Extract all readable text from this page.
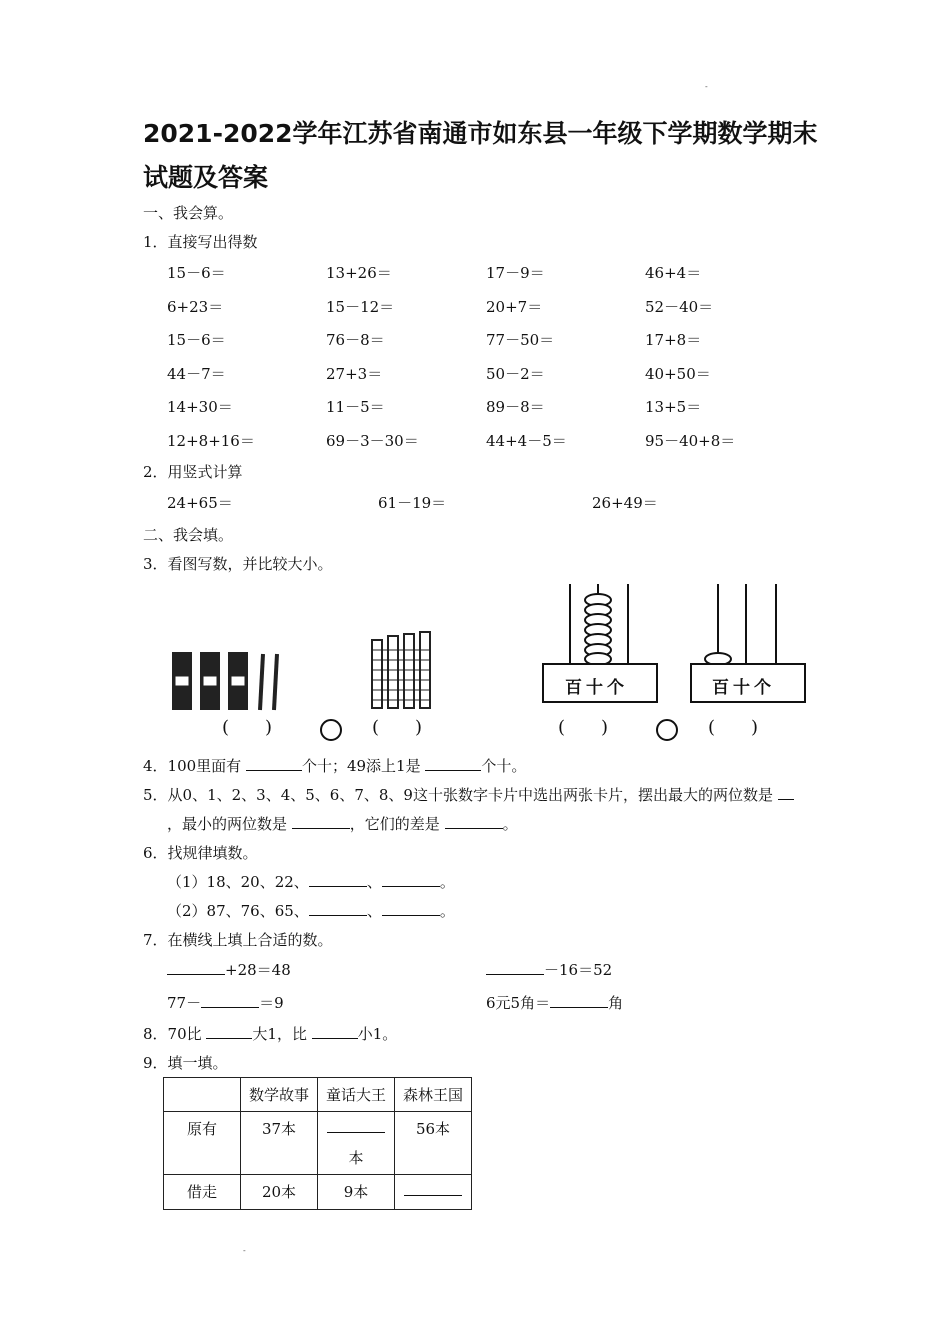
-
2021-2022学年江苏省南通市如东县一年级下学期数学期末试题及答案
一、我会算。
1．直接写出得数
15－6＝	13+26＝	17－9＝	46+4＝
6+23＝	15－12＝	20+7＝	52－40＝
15－6＝	76－8＝	77－50＝	17+8＝
44－7＝	27+3＝	50－2＝	40+50＝
14+30＝	11－5＝	89－8＝	13+5＝
12+8+16＝	69－3－30＝	44+4－5＝	95－40+8＝
2．用竖式计算
24+65＝	61－19＝	26+49＝
二、我会填。
3．看图写数，并比较大小。
(　　)	(　　)
百十个	百十个
(　　)	(　　)
4．100里面有	个十；49添上1是	个十。
5．从0、1、2、3、4、5、6、7、8、9这十张数字卡片中选出两张卡片，摆出最大的两位数是
，最小的两位数是	，它们的差是	。
6．找规律填数。
（1）18、20、22、	、	。
（2）87、76、65、	、	。
7．在横线上填上合适的数。
+28＝48	－16＝52
77－	＝9	6元5角＝	角
8．70比	大1，比	小1。
9．填一填。
	数学故事	童话大王	森林王国
原有	37本	本	56本
借走	20本	9本	
-
